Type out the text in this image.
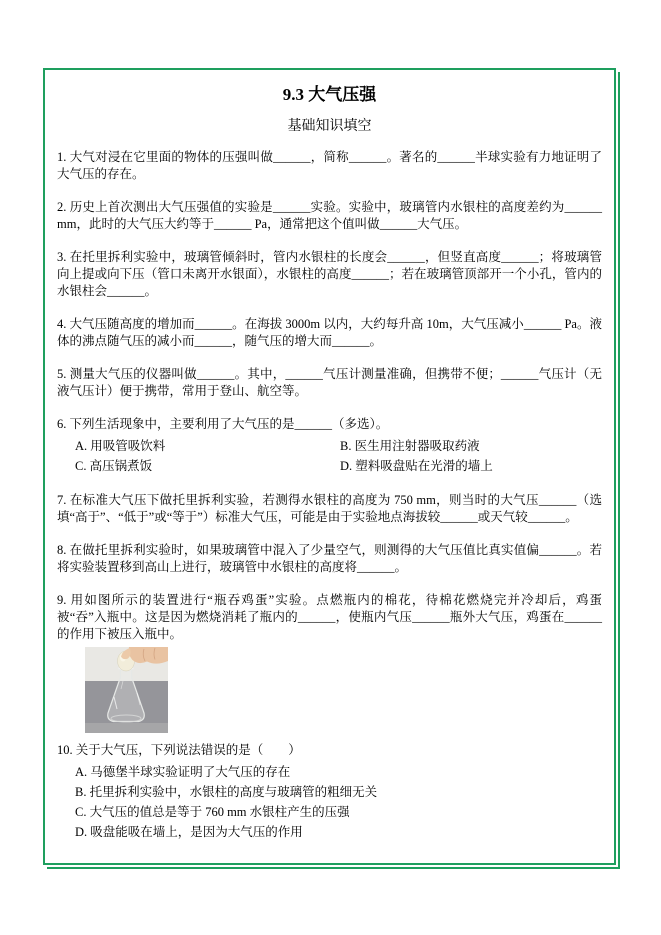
9.3 大气压强
基础知识填空

1. 大气对浸在它里面的物体的压强叫做______，简称______。著名的______半球实验有力地证明了大气压的存在。

2. 历史上首次测出大气压强值的实验是______实验。实验中，玻璃管内水银柱的高度差约为______ mm，此时的大气压大约等于______ Pa，通常把这个值叫做______大气压。

3. 在托里拆利实验中，玻璃管倾斜时，管内水银柱的长度会______，但竖直高度______；将玻璃管向上提或向下压（管口未离开水银面），水银柱的高度______；若在玻璃管顶部开一个小孔，管内的水银柱会______。

4. 大气压随高度的增加而______。在海拔 3000m 以内，大约每升高 10m，大气压减小______ Pa。液体的沸点随气压的减小而______，随气压的增大而______。

5. 测量大气压的仪器叫做______。其中，______气压计测量准确，但携带不便；______气压计（无液气压计）便于携带，常用于登山、航空等。

6. 下列生活现象中，主要利用了大气压的是______（多选）。

A. 用吸管吸饮料	B. 医生用注射器吸取药液
C. 高压锅煮饭	D. 塑料吸盘贴在光滑的墙上

7. 在标准大气压下做托里拆利实验，若测得水银柱的高度为 750 mm，则当时的大气压______（选填“高于”、“低于”或“等于”）标准大气压，可能是由于实验地点海拔较______或天气较______。

8. 在做托里拆利实验时，如果玻璃管中混入了少量空气，则测得的大气压值比真实值偏______。若将实验装置移到高山上进行，玻璃管中水银柱的高度将______。

9. 用如图所示的装置进行“瓶吞鸡蛋”实验。点燃瓶内的棉花，待棉花燃烧完并冷却后，鸡蛋被“吞”入瓶中。这是因为燃烧消耗了瓶内的______，使瓶内气压______瓶外大气压，鸡蛋在______的作用下被压入瓶中。

10. 关于大气压，下列说法错误的是（　　）

A. 马德堡半球实验证明了大气压的存在
B. 托里拆利实验中，水银柱的高度与玻璃管的粗细无关
C. 大气压的值总是等于 760 mm 水银柱产生的压强
D. 吸盘能吸在墙上，是因为大气压的作用
